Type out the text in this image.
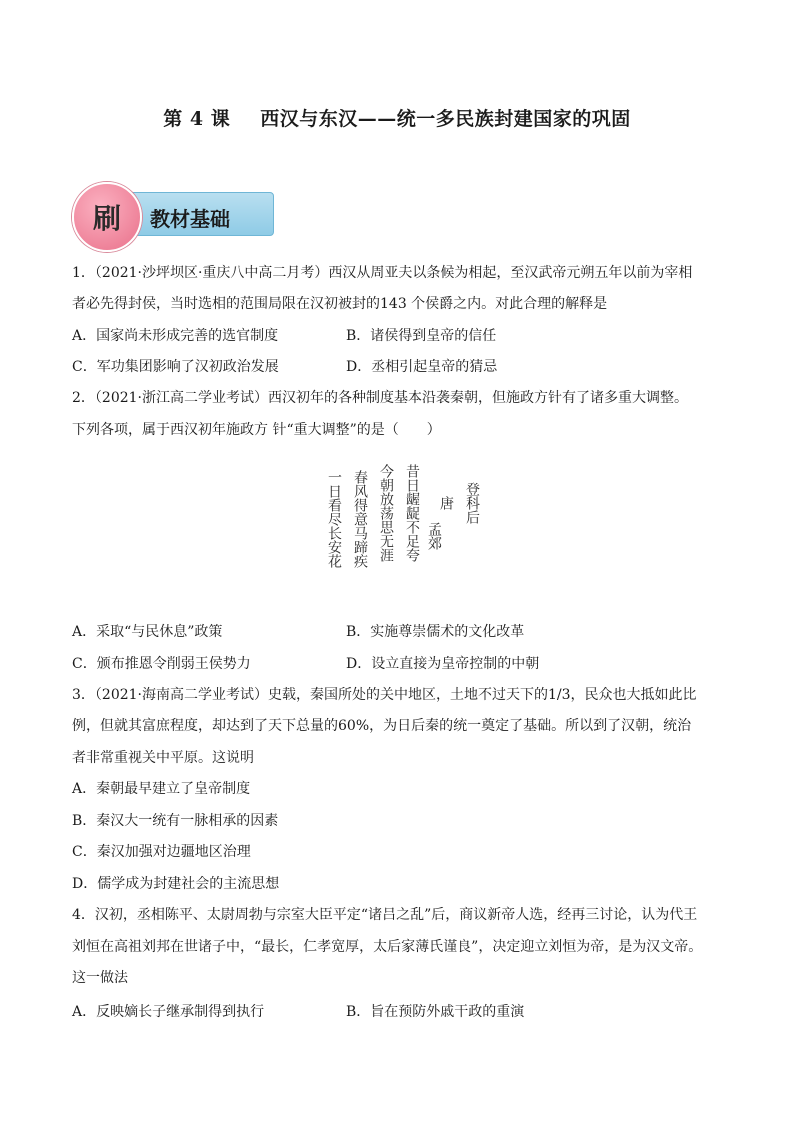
第 4 课 西汉与东汉——统一多民族封建国家的巩固
刷 教材基础
1．（2021·沙坪坝区·重庆八中高二月考）西汉从周亚夫以条候为相起，至汉武帝元朔五年以前为宰相
者必先得封侯，当时选相的范围局限在汉初被封的143 个侯爵之内。对此合理的解释是
A．国家尚未形成完善的选官制度	B．诸侯得到皇帝的信任
C．军功集团影响了汉初政治发展	D．丞相引起皇帝的猜忌
2．（2021·浙江高二学业考试）西汉初年的各种制度基本沿袭秦朝，但施政方针有了诸多重大调整。
下列各项，属于西汉初年施政方 针“重大调整”的是（　　）
登科后
唐
孟郊
昔日龌龊不足夸
今朝放荡思无涯
春风得意马蹄疾
一日看尽长安花
A．采取“与民休息”政策	B．实施尊崇儒术的文化改革
C．颁布推恩令削弱王侯势力	D．设立直接为皇帝控制的中朝
3．（2021·海南高二学业考试）史载，秦国所处的关中地区，土地不过天下的1/3，民众也大抵如此比
例，但就其富庶程度，却达到了天下总量的60%，为日后秦的统一奠定了基础。所以到了汉朝，统治
者非常重视关中平原。这说明
A．秦朝最早建立了皇帝制度
B．秦汉大一统有一脉相承的因素
C．秦汉加强对边疆地区治理
D．儒学成为封建社会的主流思想
4．汉初，丞相陈平、太尉周勃与宗室大臣平定“诸吕之乱”后，商议新帝人选，经再三讨论，认为代王
刘恒在高祖刘邦在世诸子中，“最长，仁孝宽厚，太后家薄氏谨良”，决定迎立刘恒为帝，是为汉文帝。
这一做法
A．反映嫡长子继承制得到执行	B．旨在预防外戚干政的重演
